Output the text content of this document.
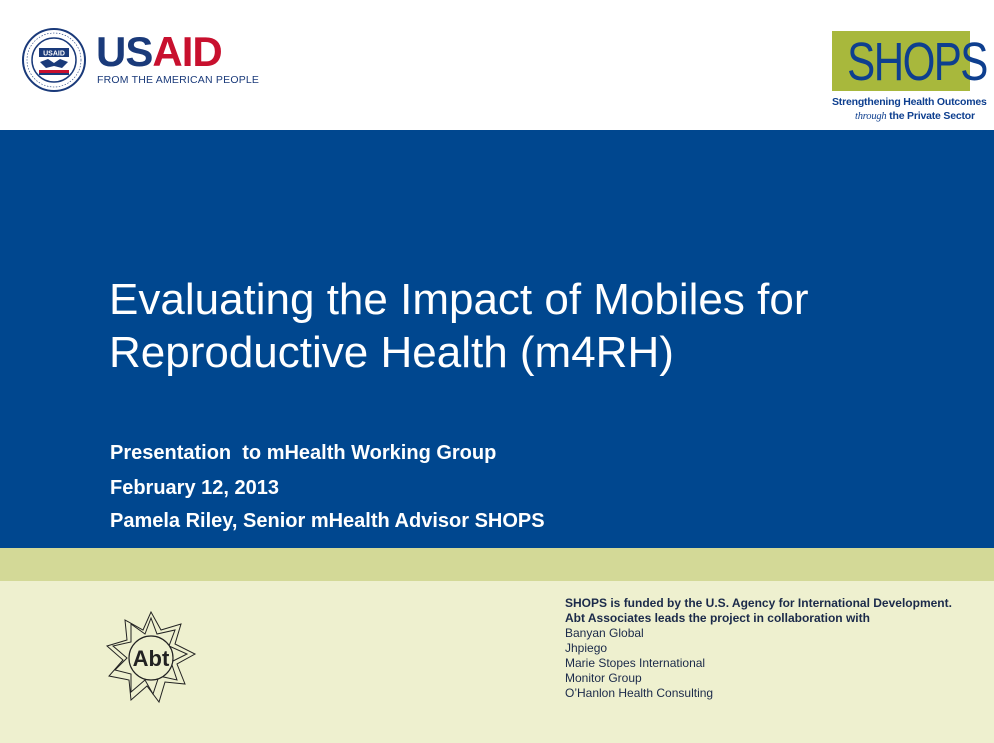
USAID USAID
FROM THE AMERICAN PEOPLE	SHOPS
Strengthening Health Outcomes
through the Private Sector
Evaluating the Impact of Mobiles for
Reproductive Health (m4RH)
Presentation  to mHealth Working Group
February 12, 2013
Pamela Riley, Senior mHealth Advisor SHOPS
Abt
SHOPS is funded by the U.S. Agency for International Development.
Abt Associates leads the project in collaboration with
Banyan Global
Jhpiego
Marie Stopes International
Monitor Group
O’Hanlon Health Consulting
